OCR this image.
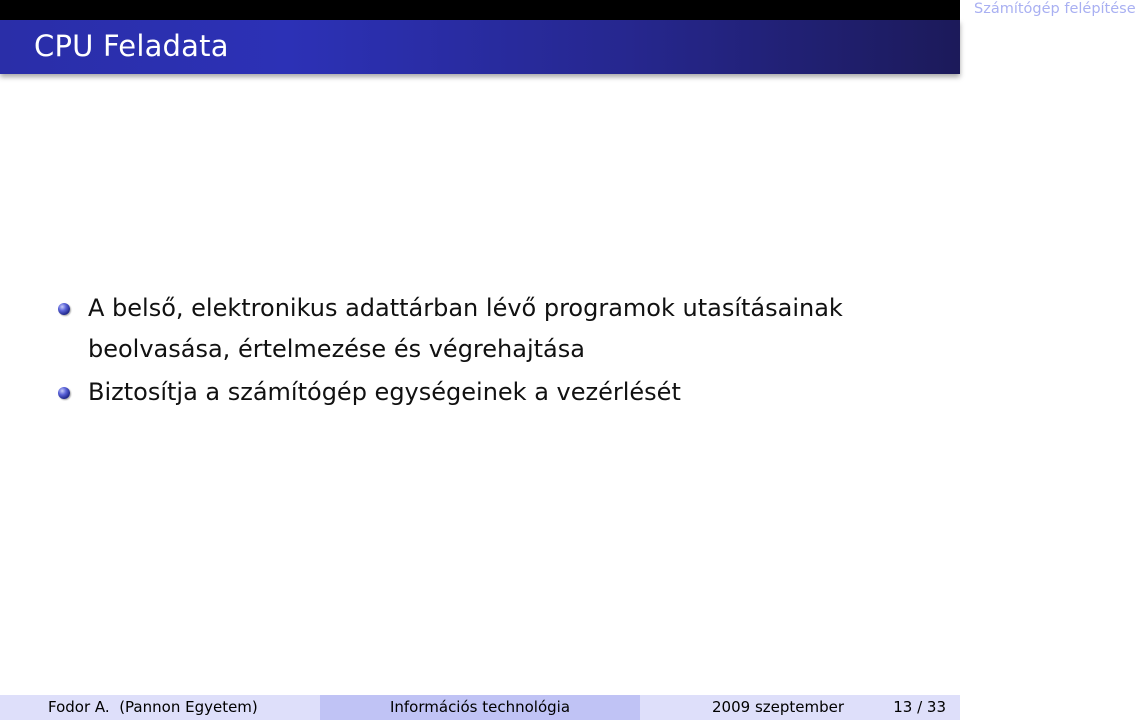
Számítógép felépítése
CPU Feladata
A belső, elektronikus adattárban lévő programok utasításainak beolvasása, értelmezése és végrehajtása
Biztosítja a számítógép egységeinek a vezérlését
Fodor A.  (Pannon Egyetem)	Információs technológia	2009 szeptember	13 / 33
